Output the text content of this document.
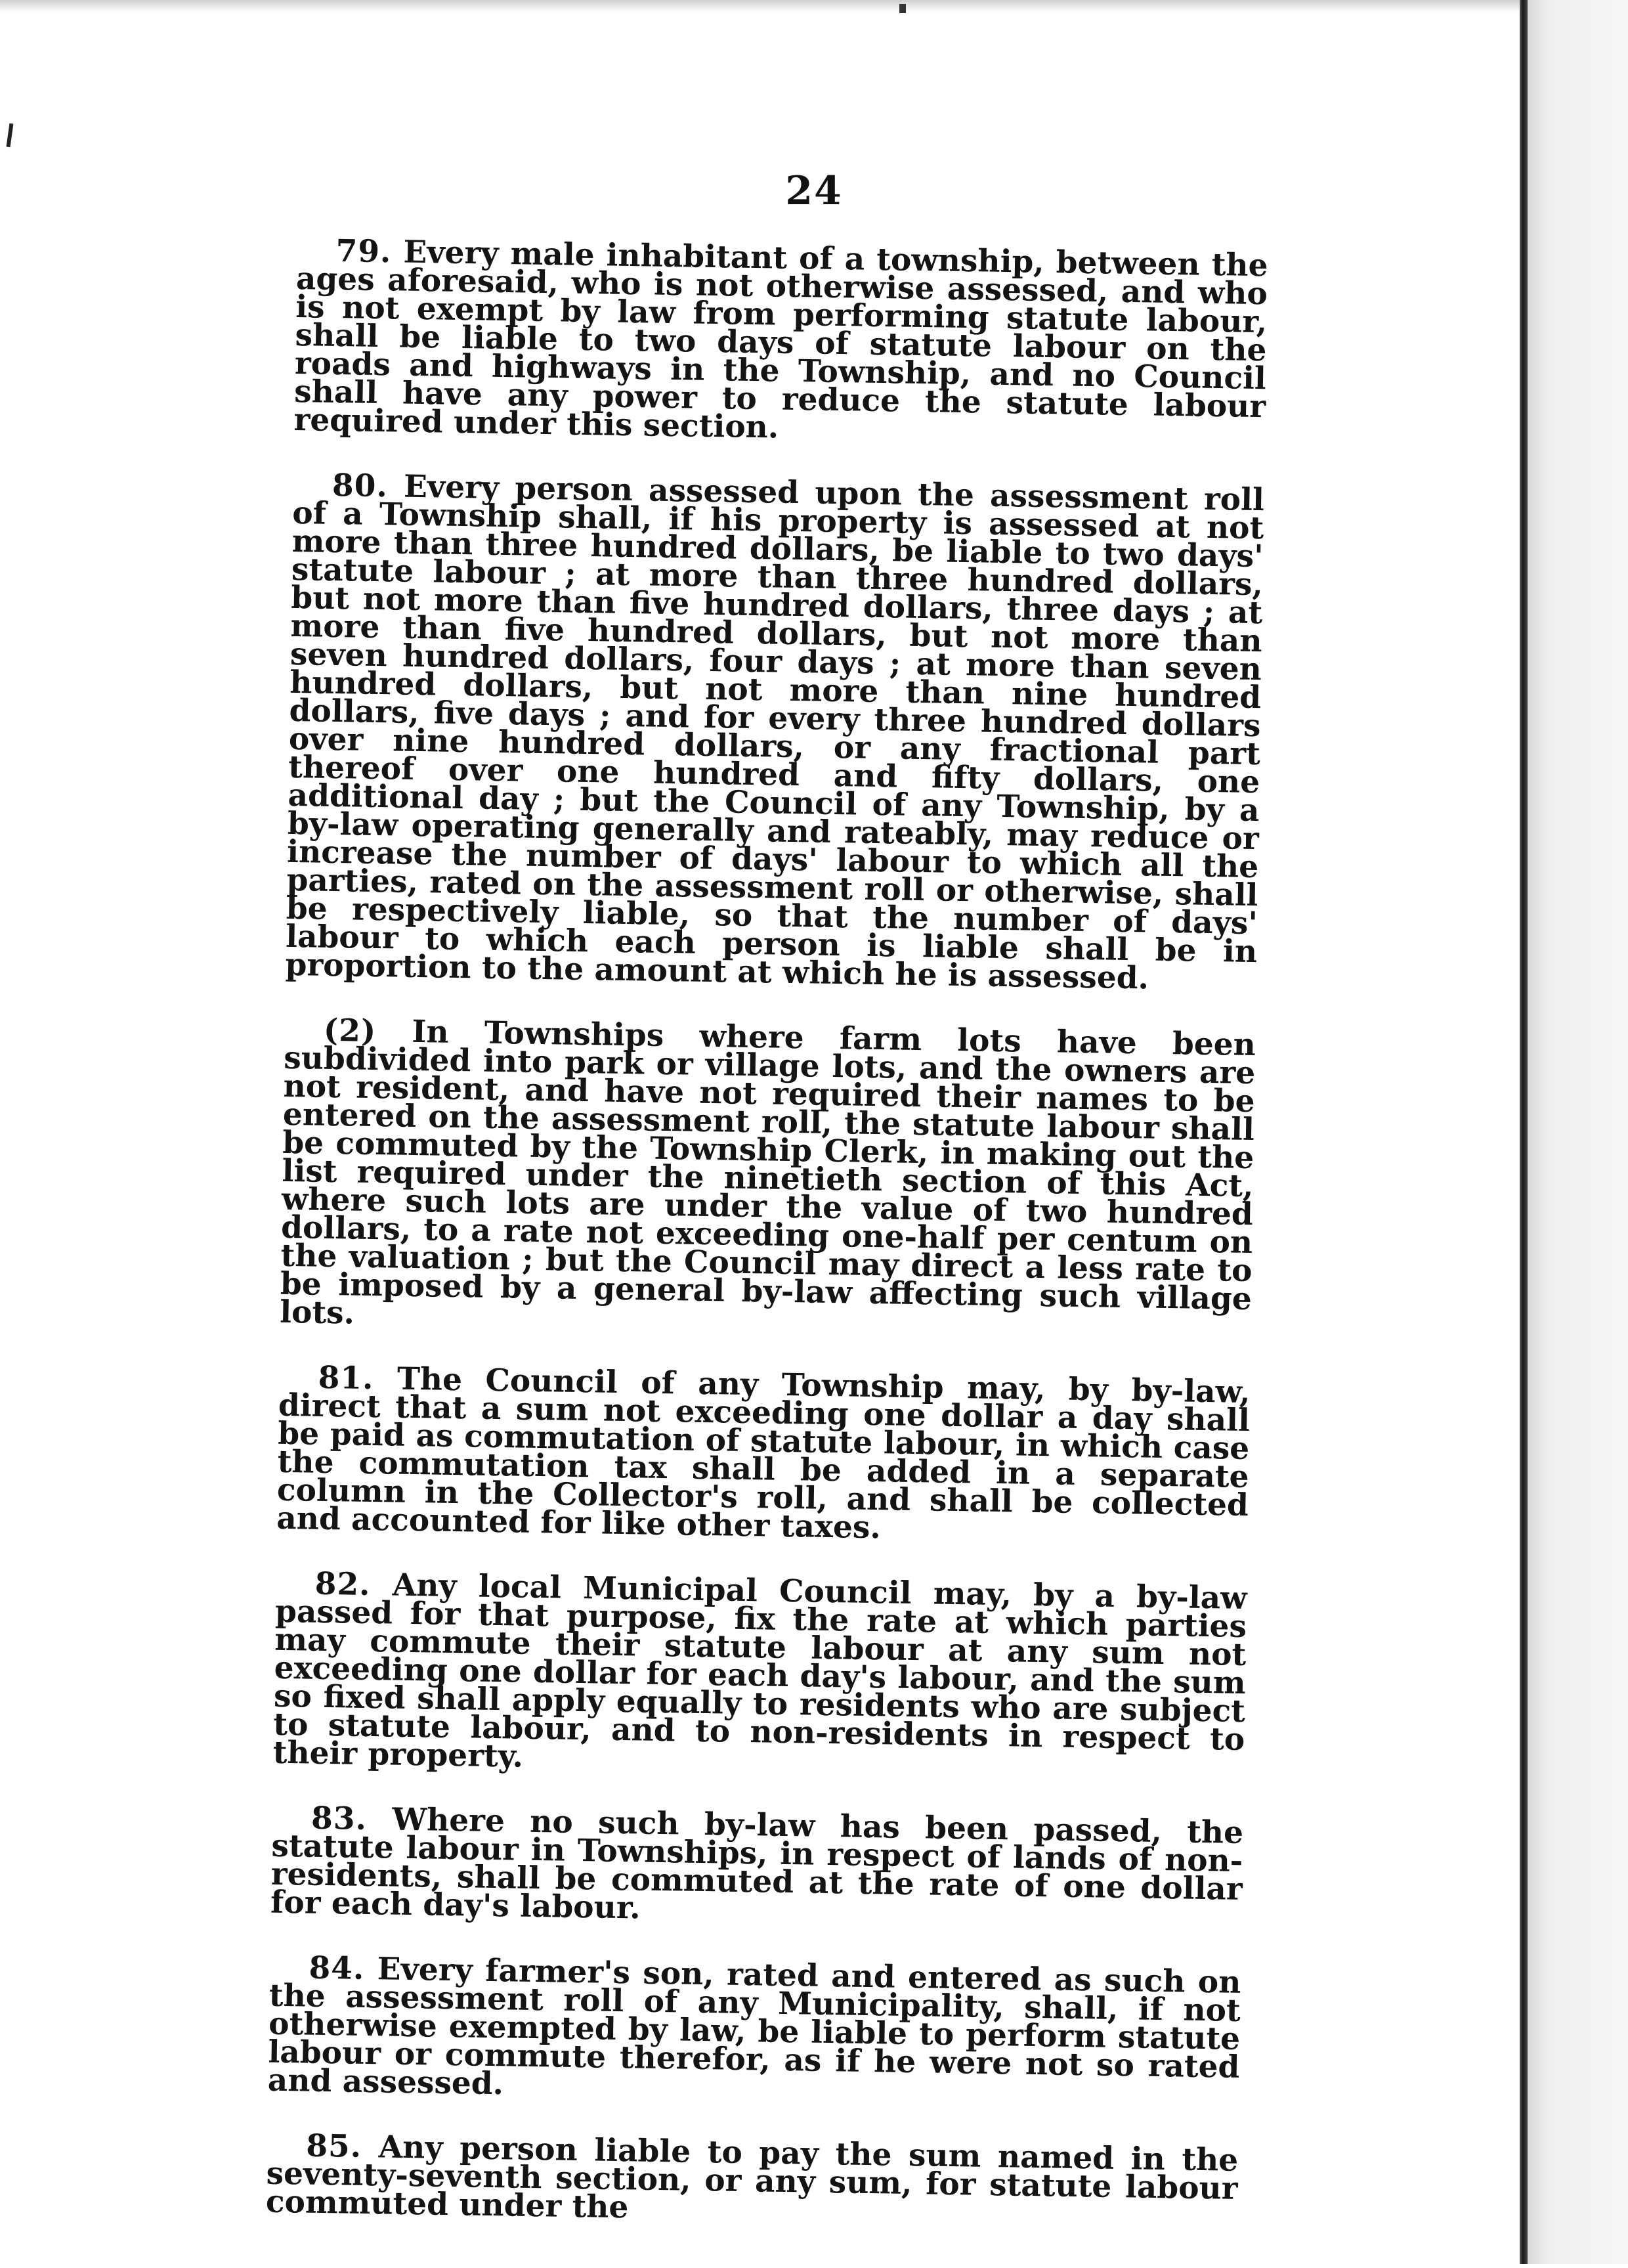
24

79. Every male inhabitant of a township, between the ages aforesaid, who is not otherwise assessed, and who is not exempt by law from performing statute labour, shall be liable to two days of statute labour on the roads and highways in the Township, and no Council shall have any power to reduce the statute labour required under this section.

80. Every person assessed upon the assessment roll of a Township shall, if his property is assessed at not more than three hundred dollars, be liable to two days' statute labour ; at more than three hundred dollars, but not more than five hundred dollars, three days ; at more than five hundred dollars, but not more than seven hundred dollars, four days ; at more than seven hundred dollars, but not more than nine hundred dollars, five days ; and for every three hundred dollars over nine hundred dollars, or any fractional part thereof over one hundred and fifty dollars, one additional day ; but the Council of any Township, by a by-law operating generally and rateably, may reduce or increase the number of days' labour to which all the parties, rated on the assessment roll or otherwise, shall be respectively liable, so that the number of days' labour to which each person is liable shall be in proportion to the amount at which he is assessed.

(2) In Townships where farm lots have been subdivided into park or village lots, and the owners are not resident, and have not required their names to be entered on the assessment roll, the statute labour shall be commuted by the Township Clerk, in making out the list required under the ninetieth section of this Act, where such lots are under the value of two hundred dollars, to a rate not exceeding one-half per centum on the valuation ; but the Council may direct a less rate to be imposed by a general by-law affecting such village lots.

81. The Council of any Township may, by by-law, direct that a sum not exceeding one dollar a day shall be paid as commutation of statute labour, in which case the commutation tax shall be added in a separate column in the Collector's roll, and shall be collected and accounted for like other taxes.

82. Any local Municipal Council may, by a by-law passed for that purpose, fix the rate at which parties may commute their statute labour at any sum not exceeding one dollar for each day's labour, and the sum so fixed shall apply equally to residents who are subject to statute labour, and to non-residents in respect to their property.

83. Where no such by-law has been passed, the statute labour in Townships, in respect of lands of non-residents, shall be commuted at the rate of one dollar for each day's labour.

84. Every farmer's son, rated and entered as such on the assessment roll of any Municipality, shall, if not otherwise exempted by law, be liable to perform statute labour or commute therefor, as if he were not so rated and assessed.

85. Any person liable to pay the sum named in the seventy-seventh section, or any sum, for statute labour commuted under the
